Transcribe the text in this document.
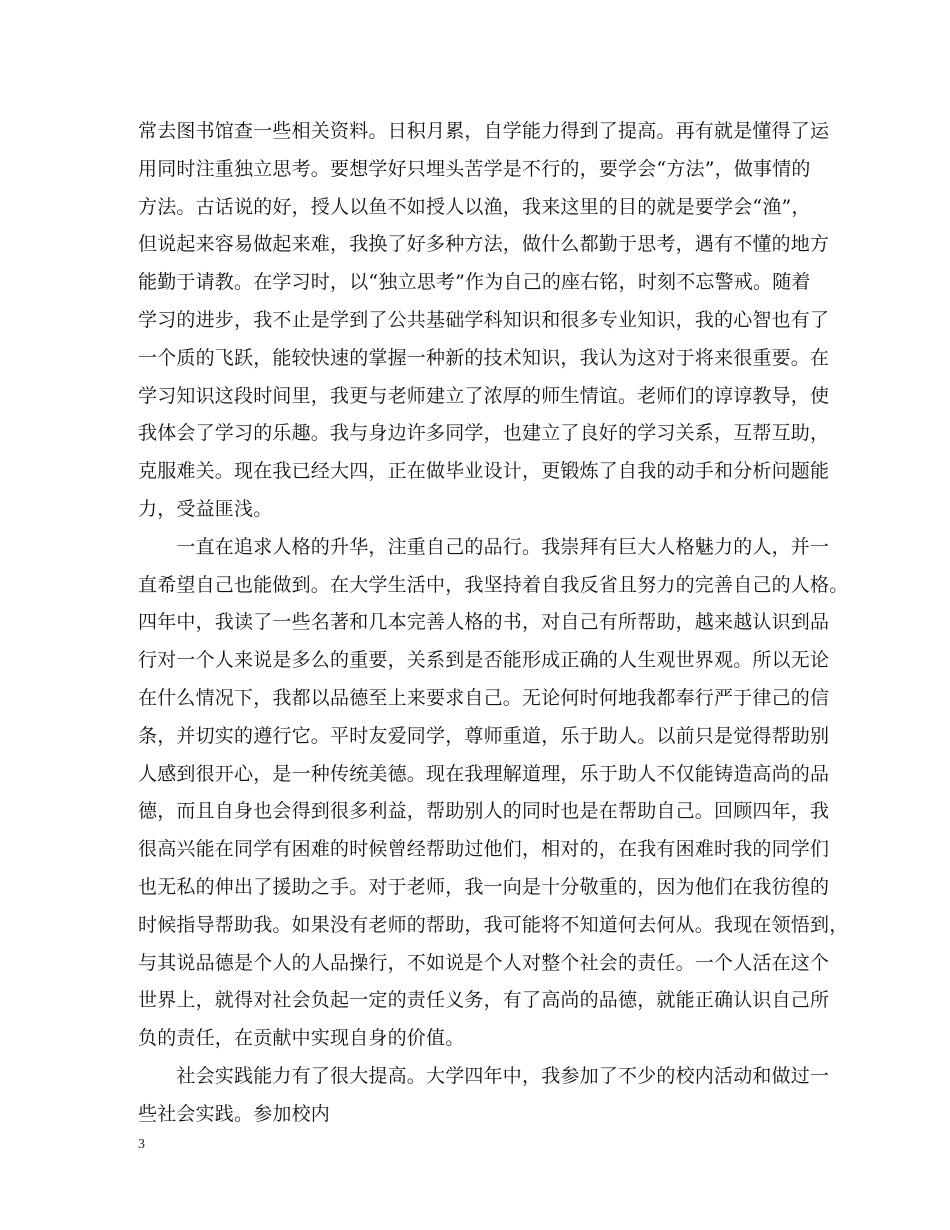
常去图书馆查一些相关资料。日积月累，自学能力得到了提高。再有就是懂得了运
用同时注重独立思考。要想学好只埋头苦学是不行的，要学会“方法”，做事情的
方法。古话说的好，授人以鱼不如授人以渔，我来这里的目的就是要学会“渔”，
但说起来容易做起来难，我换了好多种方法，做什么都勤于思考，遇有不懂的地方
能勤于请教。在学习时，以“独立思考”作为自己的座右铭，时刻不忘警戒。随着
学习的进步，我不止是学到了公共基础学科知识和很多专业知识，我的心智也有了
一个质的飞跃，能较快速的掌握一种新的技术知识，我认为这对于将来很重要。在
学习知识这段时间里，我更与老师建立了浓厚的师生情谊。老师们的谆谆教导，使
我体会了学习的乐趣。我与身边许多同学，也建立了良好的学习关系，互帮互助，
克服难关。现在我已经大四，正在做毕业设计，更锻炼了自我的动手和分析问题能
力，受益匪浅。
　　一直在追求人格的升华，注重自己的品行。我崇拜有巨大人格魅力的人，并一
直希望自己也能做到。在大学生活中，我坚持着自我反省且努力的完善自己的人格。
四年中，我读了一些名著和几本完善人格的书，对自己有所帮助，越来越认识到品
行对一个人来说是多么的重要，关系到是否能形成正确的人生观世界观。所以无论
在什么情况下，我都以品德至上来要求自己。无论何时何地我都奉行严于律己的信
条，并切实的遵行它。平时友爱同学，尊师重道，乐于助人。以前只是觉得帮助别
人感到很开心，是一种传统美德。现在我理解道理，乐于助人不仅能铸造高尚的品
德，而且自身也会得到很多利益，帮助别人的同时也是在帮助自己。回顾四年，我
很高兴能在同学有困难的时候曾经帮助过他们，相对的，在我有困难时我的同学们
也无私的伸出了援助之手。对于老师，我一向是十分敬重的，因为他们在我彷徨的
时候指导帮助我。如果没有老师的帮助，我可能将不知道何去何从。我现在领悟到，
与其说品德是个人的人品操行，不如说是个人对整个社会的责任。一个人活在这个
世界上，就得对社会负起一定的责任义务，有了高尚的品德，就能正确认识自己所
负的责任，在贡献中实现自身的价值。
　　社会实践能力有了很大提高。大学四年中，我参加了不少的校内活动和做过一
些社会实践。参加校内
3
